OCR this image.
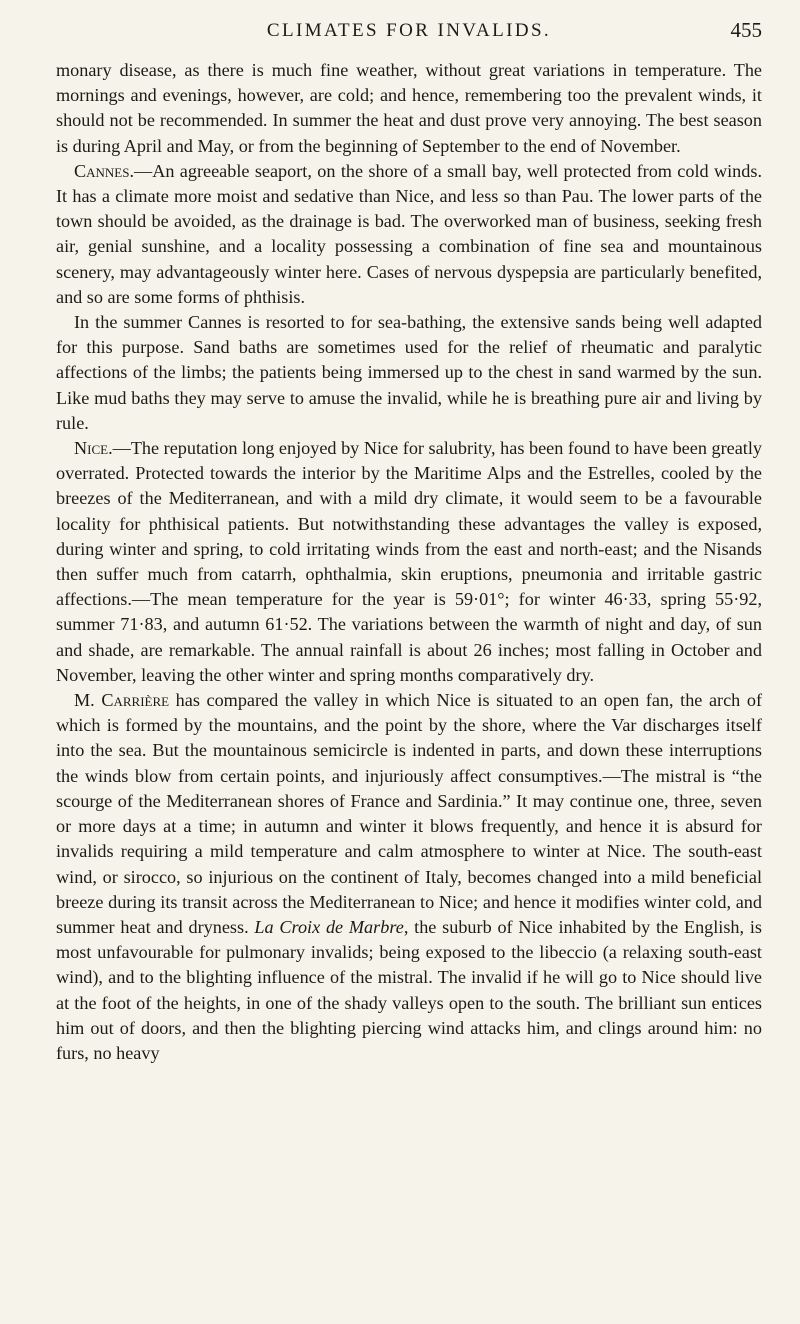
CLIMATES FOR INVALIDS.	455

monary disease, as there is much fine weather, without great variations in temperature. The mornings and evenings, however, are cold; and hence, remembering too the prevalent winds, it should not be recommended. In summer the heat and dust prove very annoying. The best season is during April and May, or from the beginning of September to the end of November.

Cannes.—An agreeable seaport, on the shore of a small bay, well protected from cold winds. It has a climate more moist and sedative than Nice, and less so than Pau. The lower parts of the town should be avoided, as the drainage is bad. The overworked man of business, seeking fresh air, genial sunshine, and a locality possessing a combination of fine sea and mountainous scenery, may advantageously winter here. Cases of nervous dyspepsia are particularly benefited, and so are some forms of phthisis.

In the summer Cannes is resorted to for sea-bathing, the extensive sands being well adapted for this purpose. Sand baths are sometimes used for the relief of rheumatic and paralytic affections of the limbs; the patients being immersed up to the chest in sand warmed by the sun. Like mud baths they may serve to amuse the invalid, while he is breathing pure air and living by rule.

Nice.—The reputation long enjoyed by Nice for salubrity, has been found to have been greatly overrated. Protected towards the interior by the Maritime Alps and the Estrelles, cooled by the breezes of the Mediterranean, and with a mild dry climate, it would seem to be a favourable locality for phthisical patients. But notwithstanding these advantages the valley is exposed, during winter and spring, to cold irritating winds from the east and north-east; and the Nisands then suffer much from catarrh, ophthalmia, skin eruptions, pneumonia and irritable gastric affections.—The mean temperature for the year is 59·01°; for winter 46·33, spring 55·92, summer 71·83, and autumn 61·52. The variations between the warmth of night and day, of sun and shade, are remarkable. The annual rainfall is about 26 inches; most falling in October and November, leaving the other winter and spring months comparatively dry.

M. Carrière has compared the valley in which Nice is situated to an open fan, the arch of which is formed by the mountains, and the point by the shore, where the Var discharges itself into the sea. But the mountainous semicircle is indented in parts, and down these interruptions the winds blow from certain points, and injuriously affect consumptives.—The mistral is “the scourge of the Mediterranean shores of France and Sardinia.” It may continue one, three, seven or more days at a time; in autumn and winter it blows frequently, and hence it is absurd for invalids requiring a mild temperature and calm atmosphere to winter at Nice. The south-east wind, or sirocco, so injurious on the continent of Italy, becomes changed into a mild beneficial breeze during its transit across the Mediterranean to Nice; and hence it modifies winter cold, and summer heat and dryness. La Croix de Marbre, the suburb of Nice inhabited by the English, is most unfavourable for pulmonary invalids; being exposed to the libeccio (a relaxing south-east wind), and to the blighting influence of the mistral. The invalid if he will go to Nice should live at the foot of the heights, in one of the shady valleys open to the south. The brilliant sun entices him out of doors, and then the blighting piercing wind attacks him, and clings around him: no furs, no heavy
